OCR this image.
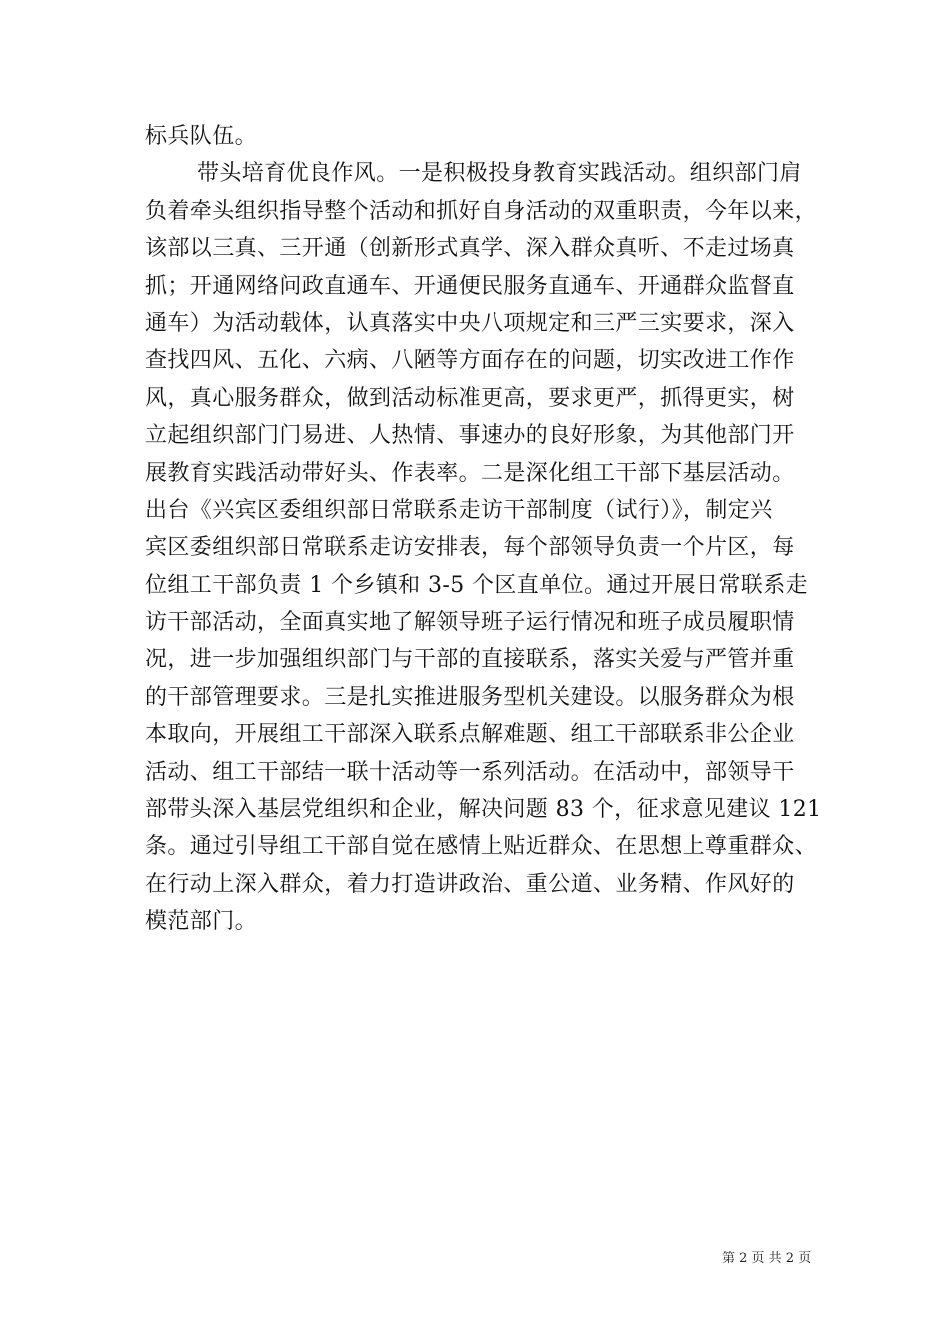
标兵队伍。
带头培育优良作风。一是积极投身教育实践活动。组织部门肩
负着牵头组织指导整个活动和抓好自身活动的双重职责，今年以来，
该部以三真、三开通（创新形式真学、深入群众真听、不走过场真
抓；开通网络问政直通车、开通便民服务直通车、开通群众监督直
通车）为活动载体，认真落实中央八项规定和三严三实要求，深入
查找四风、五化、六病、八陋等方面存在的问题，切实改进工作作
风，真心服务群众，做到活动标准更高，要求更严，抓得更实，树
立起组织部门门易进、人热情、事速办的良好形象，为其他部门开
展教育实践活动带好头、作表率。二是深化组工干部下基层活动。
出台《兴宾区委组织部日常联系走访干部制度（试行）》，制定兴
宾区委组织部日常联系走访安排表，每个部领导负责一个片区，每
位组工干部负责 1 个乡镇和 3-5 个区直单位。通过开展日常联系走
访干部活动，全面真实地了解领导班子运行情况和班子成员履职情
况，进一步加强组织部门与干部的直接联系，落实关爱与严管并重
的干部管理要求。三是扎实推进服务型机关建设。以服务群众为根
本取向，开展组工干部深入联系点解难题、组工干部联系非公企业
活动、组工干部结一联十活动等一系列活动。在活动中，部领导干
部带头深入基层党组织和企业，解决问题 83 个，征求意见建议 121
条。通过引导组工干部自觉在感情上贴近群众、在思想上尊重群众、
在行动上深入群众，着力打造讲政治、重公道、业务精、作风好的
模范部门。
第 2 页 共 2 页
